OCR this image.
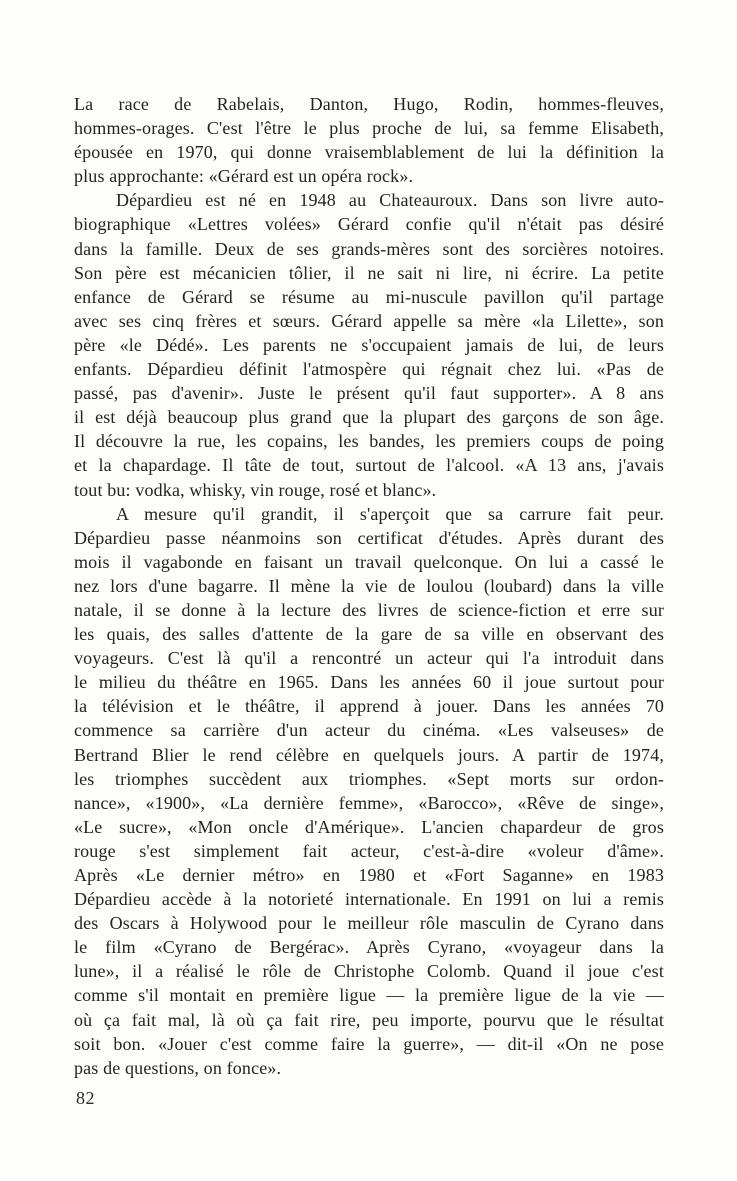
La race de Rabelais, Danton, Hugo, Rodin, hommes-fleuves,
hommes-orages. C'est l'être le plus proche de lui, sa femme Elisabeth,
épousée en 1970, qui donne vraisemblablement de lui la définition la
plus approchante: «Gérard est un opéra rock».
Dépardieu est né en 1948 au Chateauroux. Dans son livre auto-
biographique «Lettres volées» Gérard confie qu'il n'était pas désiré
dans la famille. Deux de ses grands-mères sont des sorcières notoires.
Son père est mécanicien tôlier, il ne sait ni lire, ni écrire. La petite
enfance de Gérard se résume au mi-nuscule pavillon qu'il partage
avec ses cinq frères et sœurs. Gérard appelle sa mère «la Lilette», son
père «le Dédé». Les parents ne s'occupaient jamais de lui, de leurs
enfants. Dépardieu définit l'atmospère qui régnait chez lui. «Pas de
passé, pas d'avenir». Juste le présent qu'il faut supporter». A 8 ans
il est déjà beaucoup plus grand que la plupart des garçons de son âge.
Il découvre la rue, les copains, les bandes, les premiers coups de poing
et la chapardage. Il tâte de tout, surtout de l'alcool. «A 13 ans, j'avais
tout bu: vodka, whisky, vin rouge, rosé et blanc».
A mesure qu'il grandit, il s'aperçoit que sa carrure fait peur.
Dépardieu passe néanmoins son certificat d'études. Après durant des
mois il vagabonde en faisant un travail quelconque. On lui a cassé le
nez lors d'une bagarre. Il mène la vie de loulou (loubard) dans la ville
natale, il se donne à la lecture des livres de science-fiction et erre sur
les quais, des salles d'attente de la gare de sa ville en observant des
voyageurs. C'est là qu'il a rencontré un acteur qui l'a introduit dans
le milieu du théâtre en 1965. Dans les années 60 il joue surtout pour
la télévision et le théâtre, il apprend à jouer. Dans les années 70
commence sa carrière d'un acteur du cinéma. «Les valseuses» de
Bertrand Blier le rend célèbre en quelquels jours. A partir de 1974,
les triomphes succèdent aux triomphes. «Sept morts sur ordon-
nance», «1900», «La dernière femme», «Barocco», «Rêve de singe»,
«Le sucre», «Mon oncle d'Amérique». L'ancien chapardeur de gros
rouge s'est simplement fait acteur, c'est-à-dire «voleur d'âme».
Après «Le dernier métro» en 1980 et «Fort Saganne» en 1983
Dépardieu accède à la notorieté internationale. En 1991 on lui a remis
des Oscars à Holywood pour le meilleur rôle masculin de Cyrano dans
le film «Cyrano de Bergérac». Après Cyrano, «voyageur dans la
lune», il a réalisé le rôle de Christophe Colomb. Quand il joue c'est
comme s'il montait en première ligue — la première ligue de la vie —
où ça fait mal, là où ça fait rire, peu importe, pourvu que le résultat
soit bon. «Jouer c'est comme faire la guerre», — dit-il «On ne pose
pas de questions, on fonce».
82
